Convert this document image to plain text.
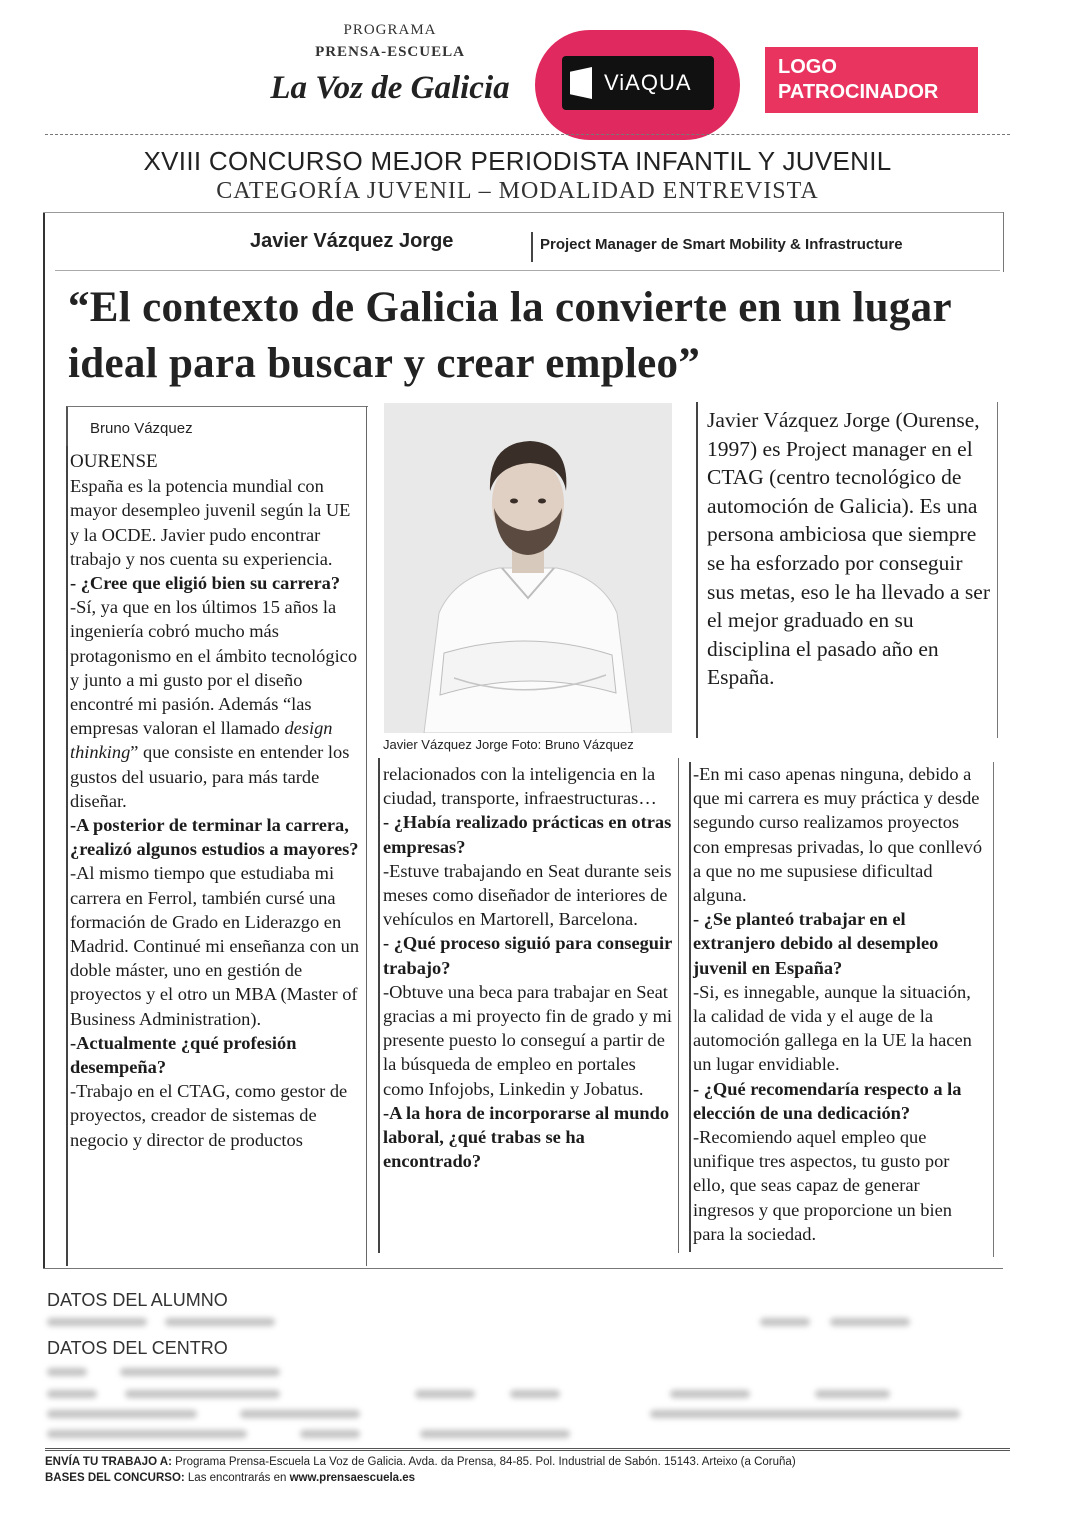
PROGRAMA
PRENSA-ESCUELA
La Voz de Galicia	ViAQUA
LOGO
PATROCINADOR
XVIII CONCURSO MEJOR PERIODISTA INFANTIL Y JUVENIL
CATEGORÍA JUVENIL – MODALIDAD ENTREVISTA
Javier Vázquez Jorge	Project Manager de Smart Mobility & Infrastructure
“El contexto de Galicia la convierte en un lugar ideal para buscar y crear empleo”
Bruno Vázquez

OURENSE

España es la potencia mundial con mayor desempleo juvenil según la UE y la OCDE. Javier pudo encontrar trabajo y nos cuenta su experiencia.

- ¿Cree que eligió bien su carrera?

-Sí, ya que en los últimos 15 años la ingeniería cobró mucho más protagonismo en el ámbito tecnológico y junto a mi gusto por el diseño encontré mi pasión. Además “las empresas valoran el llamado design thinking” que consiste en entender los gustos del usuario, para más tarde diseñar.

-A posterior de terminar la carrera, ¿realizó algunos estudios a mayores?

-Al mismo tiempo que estudiaba mi carrera en Ferrol, también cursé una formación de Grado en Liderazgo en Madrid. Continué mi enseñanza con un doble máster, uno en gestión de proyectos y el otro un MBA (Master of Business Administration).

-Actualmente ¿qué profesión desempeña?

-Trabajo en el CTAG, como gestor de proyectos, creador de sistemas de negocio y director de productos

Javier Vázquez Jorge Foto: Bruno Vázquez
Javier Vázquez Jorge (Ourense, 1997) es Project manager en el CTAG (centro tecnológico de automoción de Galicia). Es una persona ambiciosa que siempre se ha esforzado por conseguir sus metas, eso le ha llevado a ser el mejor graduado en su disciplina el pasado año en España.

relacionados con la inteligencia en la ciudad, transporte, infraestructuras…

- ¿Había realizado prácticas en otras empresas?

-Estuve trabajando en Seat durante seis meses como diseñador de interiores de vehículos en Martorell, Barcelona.

- ¿Qué proceso siguió para conseguir trabajo?

-Obtuve una beca para trabajar en Seat gracias a mi proyecto fin de grado y mi presente puesto lo conseguí a partir de la búsqueda de empleo en portales como Infojobs, Linkedin y Jobatus.

-A la hora de incorporarse al mundo laboral, ¿qué trabas se ha encontrado?

-En mi caso apenas ninguna, debido a que mi carrera es muy práctica y desde segundo curso realizamos proyectos con empresas privadas, lo que conllevó a que no me supusiese dificultad alguna.

- ¿Se planteó trabajar en el extranjero debido al desempleo juvenil en España?

-Si, es innegable, aunque la situación, la calidad de vida y el auge de la automoción gallega en la UE la hacen un lugar envidiable.

- ¿Qué recomendaría respecto a la elección de una dedicación?

-Recomiendo aquel empleo que unifique tres aspectos, tu gusto por ello, que seas capaz de generar ingresos y que proporcione un bien para la sociedad.

DATOS DEL ALUMNO
DATOS DEL CENTRO
ENVÍA TU TRABAJO A: Programa Prensa-Escuela La Voz de Galicia. Avda. da Prensa, 84-85. Pol. Industrial de Sabón. 15143. Arteixo (a Coruña)
BASES DEL CONCURSO: Las encontrarás en www.prensaescuela.es
